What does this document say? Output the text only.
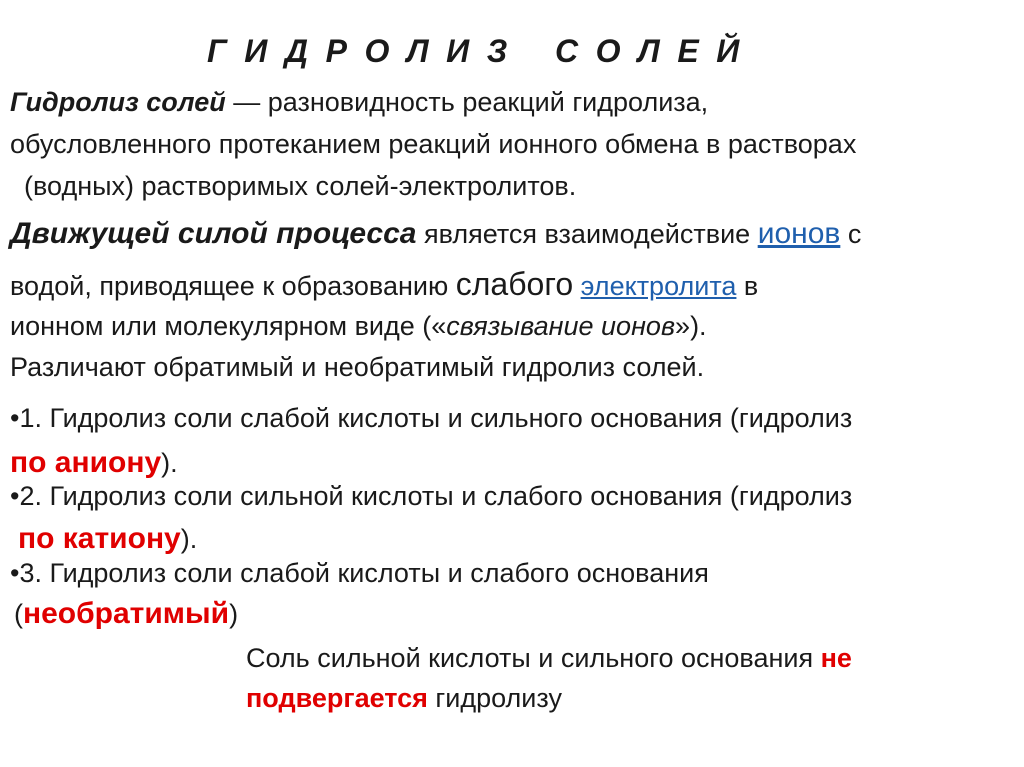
ГИДРОЛИЗ СОЛЕЙ
Гидролиз солей — разновидность реакций гидролиза,
обусловленного протеканием реакций ионного обмена в растворах
(водных) растворимых солей-электролитов.
Движущей силой процесса является взаимодействие ионов с
водой, приводящее к образованию слабого электролита в
ионном или молекулярном виде («связывание ионов»).
Различают обратимый и необратимый гидролиз солей.
•1. Гидролиз соли слабой кислоты и сильного основания (гидролиз
по аниону).
•2. Гидролиз соли сильной кислоты и слабого основания (гидролиз
по катиону).
•3. Гидролиз соли слабой кислоты и слабого основания
(необратимый)
Соль сильной кислоты и сильного основания не
подвергается гидролизу
